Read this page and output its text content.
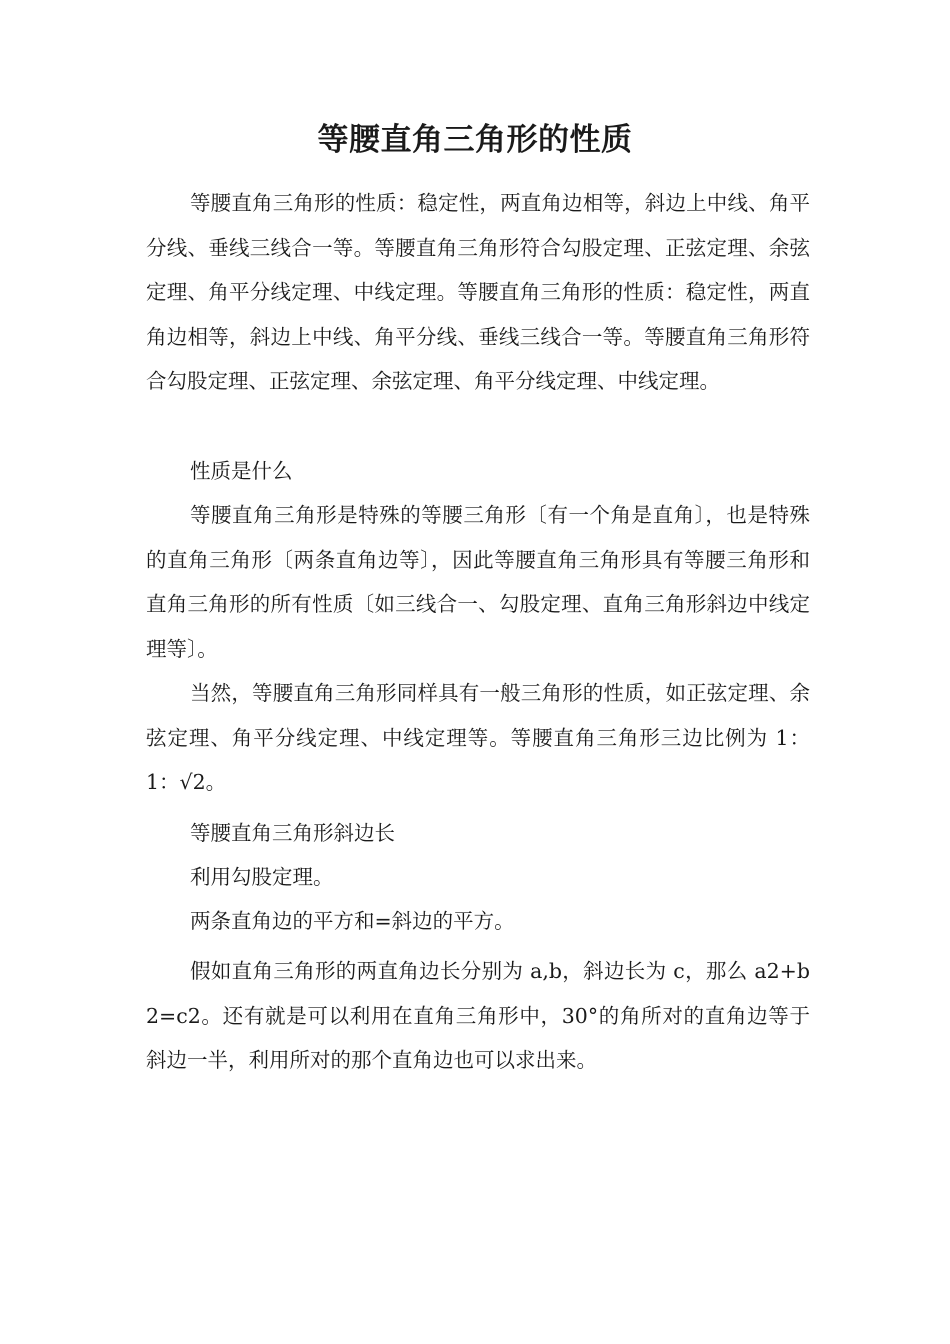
等腰直角三角形的性质

等腰直角三角形的性质：稳定性，两直角边相等，斜边上中线、角平分线、垂线三线合一等。等腰直角三角形符合勾股定理、正弦定理、余弦定理、角平分线定理、中线定理。等腰直角三角形的性质：稳定性，两直角边相等，斜边上中线、角平分线、垂线三线合一等。等腰直角三角形符合勾股定理、正弦定理、余弦定理、角平分线定理、中线定理。

性质是什么

等腰直角三角形是特殊的等腰三角形〔有一个角是直角〕，也是特殊的直角三角形〔两条直角边等〕，因此等腰直角三角形具有等腰三角形和直角三角形的所有性质〔如三线合一、勾股定理、直角三角形斜边中线定理等〕。

当然，等腰直角三角形同样具有一般三角形的性质，如正弦定理、余弦定理、角平分线定理、中线定理等。等腰直角三角形三边比例为 1：1：√2。

等腰直角三角形斜边长

利用勾股定理。

两条直角边的平方和=斜边的平方。

假如直角三角形的两直角边长分别为 a,b，斜边长为 c，那么 a2+b2=c2。还有就是可以利用在直角三角形中，30°的角所对的直角边等于斜边一半，利用所对的那个直角边也可以求出来。
